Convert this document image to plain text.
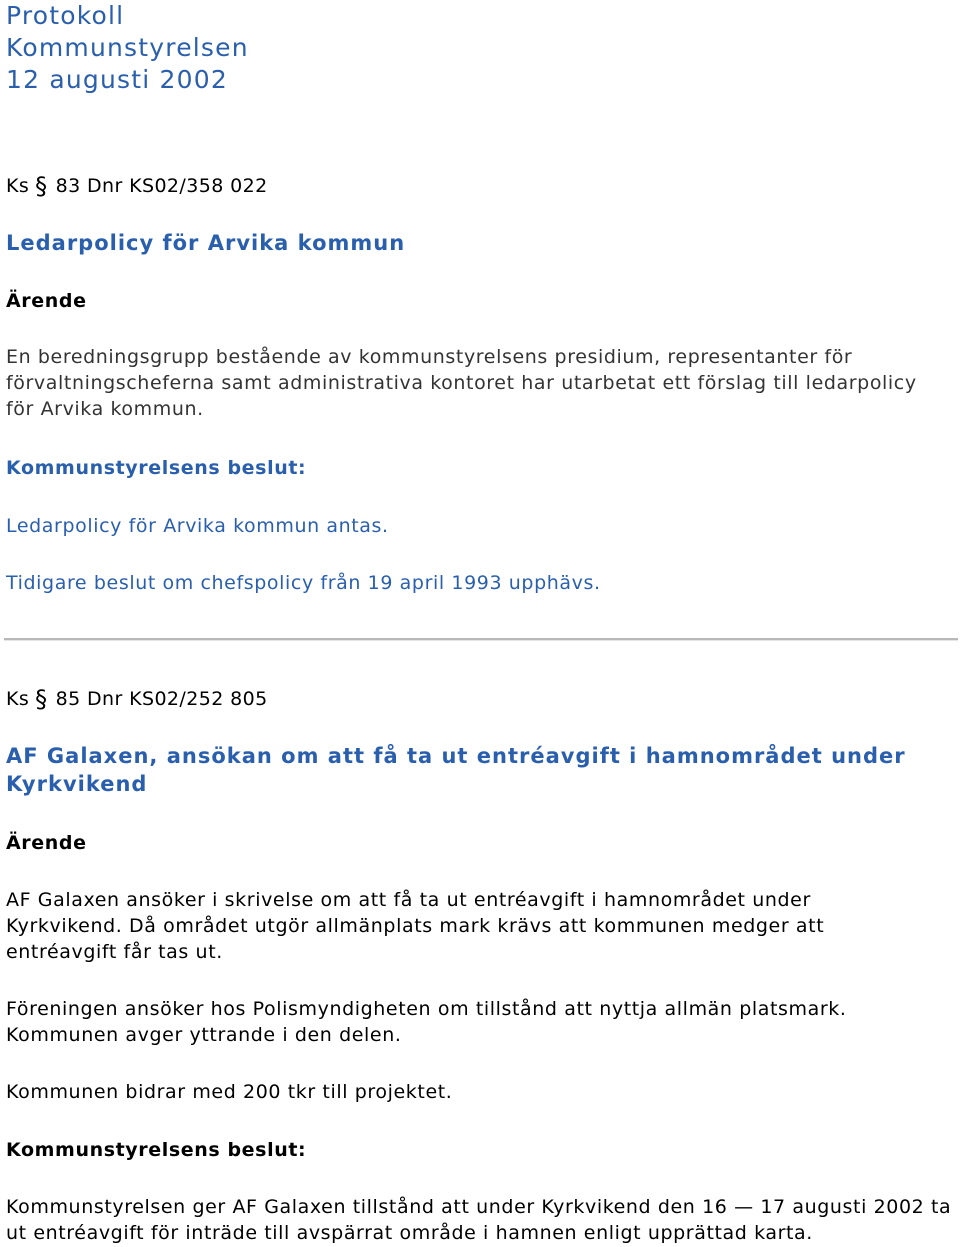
Protokoll
Kommunstyrelsen
12 augusti 2002
Ks § 83 Dnr KS02/358 022
Ledarpolicy för Arvika kommun
Ärende
En beredningsgrupp bestående av kommunstyrelsens presidium, representanter för förvaltningscheferna samt administrativa kontoret har utarbetat ett förslag till ledarpolicy för Arvika kommun.
Kommunstyrelsens beslut:
Ledarpolicy för Arvika kommun antas.
Tidigare beslut om chefspolicy från 19 april 1993 upphävs.
Ks § 85 Dnr KS02/252 805
AF Galaxen, ansökan om att få ta ut entréavgift i hamnområdet under Kyrkvikend
Ärende
AF Galaxen ansöker i skrivelse om att få ta ut entréavgift i hamnområdet under Kyrkvikend. Då området utgör allmänplats mark krävs att kommunen medger att entréavgift får tas ut.
Föreningen ansöker hos Polismyndigheten om tillstånd att nyttja allmän platsmark. Kommunen avger yttrande i den delen.
Kommunen bidrar med 200 tkr till projektet.
Kommunstyrelsens beslut:
Kommunstyrelsen ger AF Galaxen tillstånd att under Kyrkvikend den 16 — 17 augusti 2002 ta ut entréavgift för inträde till avspärrat område i hamnen enligt upprättad karta.
